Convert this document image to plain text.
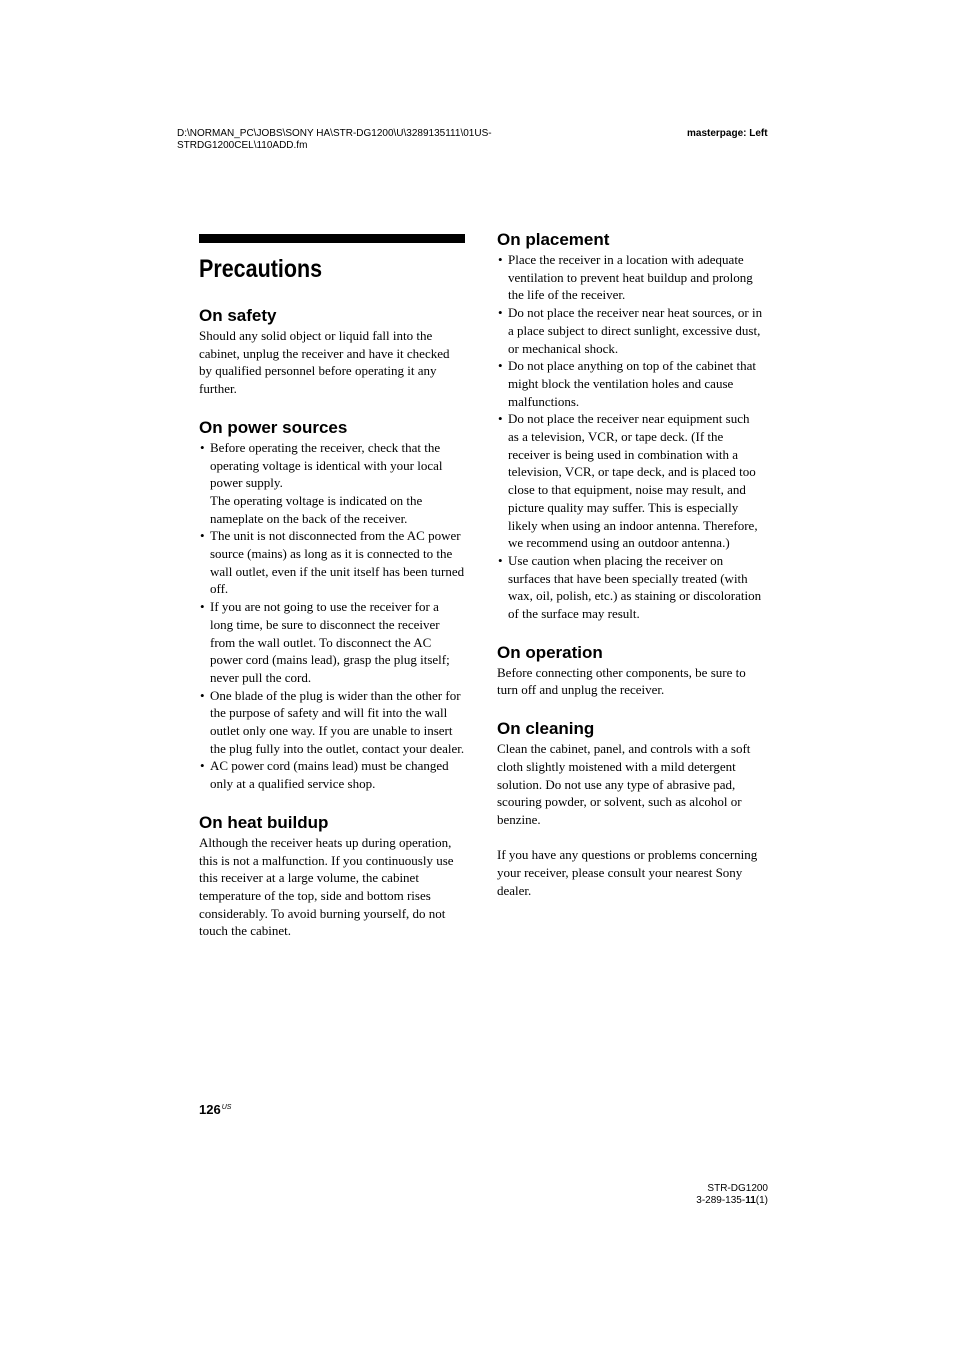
D:\NORMAN_PC\JOBS\SONY HA\STR-DG1200\U\3289135111\01US-
STRDG1200CEL\110ADD.fm
masterpage: Left
Precautions
On safety

Should any solid object or liquid fall into the cabinet, unplug the receiver and have it checked by qualified personnel before operating it any further.

On power sources
• Before operating the receiver, check that the operating voltage is identical with your local power supply.
The operating voltage is indicated on the nameplate on the back of the receiver.
• The unit is not disconnected from the AC power source (mains) as long as it is connected to the wall outlet, even if the unit itself has been turned off.
• If you are not going to use the receiver for a long time, be sure to disconnect the receiver from the wall outlet. To disconnect the AC power cord (mains lead), grasp the plug itself; never pull the cord.
• One blade of the plug is wider than the other for the purpose of safety and will fit into the wall outlet only one way. If you are unable to insert the plug fully into the outlet, contact your dealer.
• AC power cord (mains lead) must be changed only at a qualified service shop.
On heat buildup

Although the receiver heats up during operation, this is not a malfunction. If you continuously use this receiver at a large volume, the cabinet temperature of the top, side and bottom rises considerably. To avoid burning yourself, do not touch the cabinet.

On placement
• Place the receiver in a location with adequate ventilation to prevent heat buildup and prolong the life of the receiver.
• Do not place the receiver near heat sources, or in a place subject to direct sunlight, excessive dust, or mechanical shock.
• Do not place anything on top of the cabinet that might block the ventilation holes and cause malfunctions.
• Do not place the receiver near equipment such as a television, VCR, or tape deck. (If the receiver is being used in combination with a television, VCR, or tape deck, and is placed too close to that equipment, noise may result, and picture quality may suffer. This is especially likely when using an indoor antenna. Therefore, we recommend using an outdoor antenna.)
• Use caution when placing the receiver on surfaces that have been specially treated (with wax, oil, polish, etc.) as staining or discoloration of the surface may result.
On operation

Before connecting other components, be sure to turn off and unplug the receiver.

On cleaning

Clean the cabinet, panel, and controls with a soft cloth slightly moistened with a mild detergent solution. Do not use any type of abrasive pad, scouring powder, or solvent, such as alcohol or benzine.

If you have any questions or problems concerning your receiver, please consult your nearest Sony dealer.

$126^{US}$
STR-DG1200
3-289-135-11(1)
